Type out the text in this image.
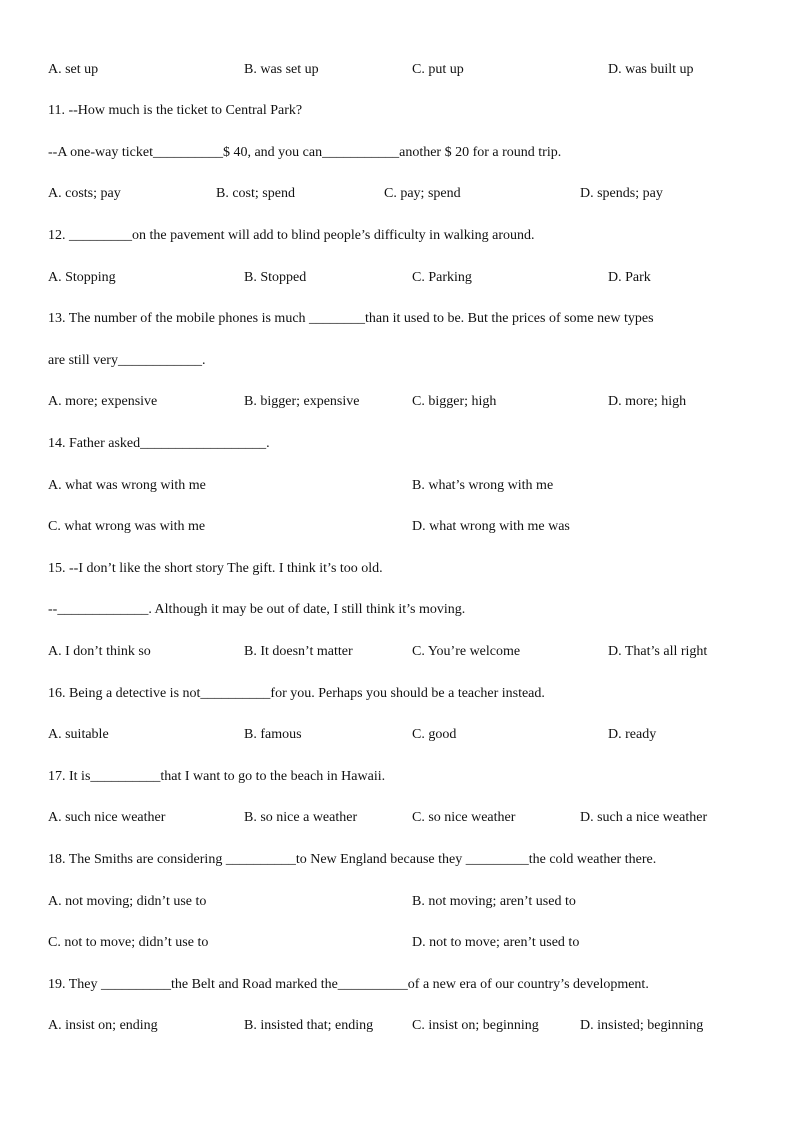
A. set up	B. was set up	C. put up	D. was built up
11. --How much is the ticket to Central Park?
--A one-way ticket__________$ 40, and you can___________another $ 20 for a round trip.
A. costs; pay	B. cost; spend	C. pay; spend	D. spends; pay
12. _________on the pavement will add to blind people’s difficulty in walking around.
A. Stopping	B. Stopped	C. Parking	D. Park
13. The number of the mobile phones is much ________than it used to be. But the prices of some new types
are still very____________.
A. more; expensive	B. bigger; expensive	C. bigger; high	D. more; high
14. Father asked__________________.
A. what was wrong with me	B. what’s wrong with me
C. what wrong was with me	D. what wrong with me was
15. --I don’t like the short story The gift. I think it’s too old.
--_____________. Although it may be out of date, I still think it’s moving.
A. I don’t think so	B. It doesn’t matter	C. You’re welcome	D. That’s all right
16. Being a detective is not__________for you. Perhaps you should be a teacher instead.
A. suitable	B. famous	C. good	D. ready
17. It is__________that I want to go to the beach in Hawaii.
A. such nice weather	B. so nice a weather	C. so nice weather	D. such a nice weather
18. The Smiths are considering __________to New England because they _________the cold weather there.
A. not moving; didn’t use to	B. not moving; aren’t used to
C. not to move; didn’t use to	D. not to move; aren’t used to
19. They __________the Belt and Road marked the__________of a new era of our country’s development.
A. insist on; ending	B. insisted that; ending	C. insist on; beginning	D. insisted; beginning
